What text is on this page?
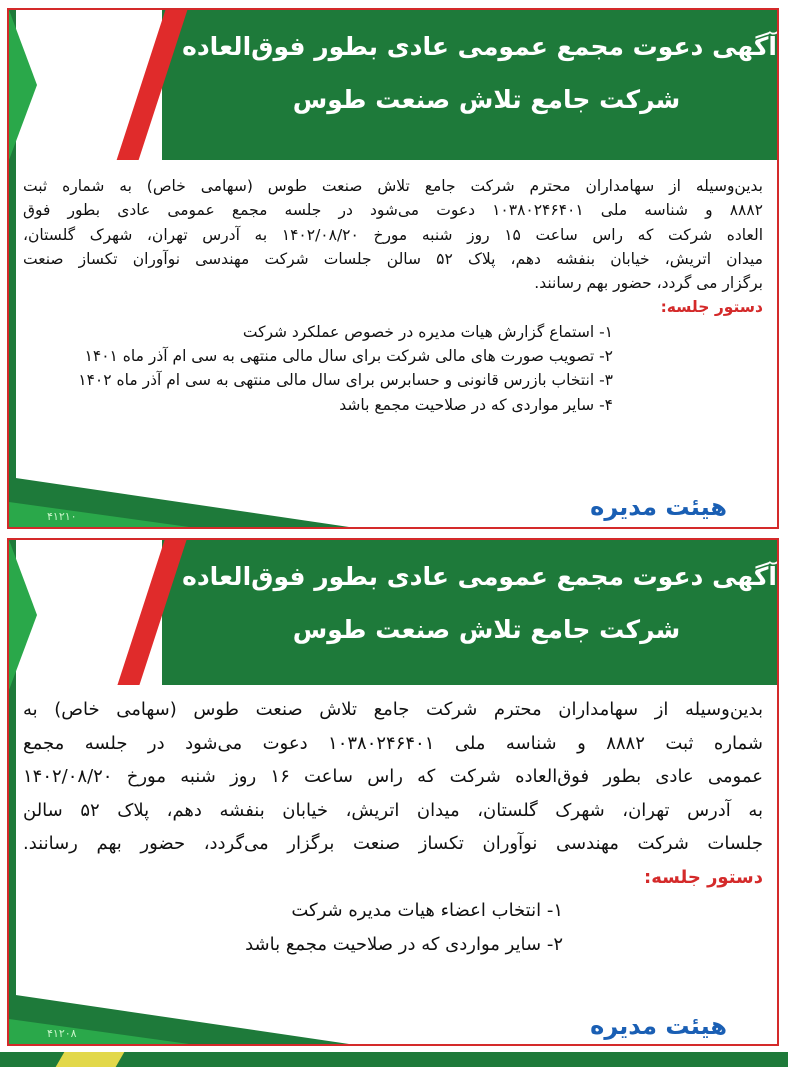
آگهی دعوت مجمع عمومی عادی بطور فوق‌العاده
شرکت جامع تلاش صنعت طوس
بدین‌وسیله از سهامداران محترم شرکت جامع تلاش صنعت طوس (سهامی خاص) به شماره ثبت
۸۸۸۲ و شناسه ملی ۱۰۳۸۰۲۴۶۴۰۱ دعوت می‌شود در جلسه مجمع عمومی عادی بطور فوق
العاده شرکت که راس ساعت ۱۵ روز شنبه مورخ ۱۴۰۲/۰۸/۲۰ به آدرس تهران، شهرک گلستان،
میدان اتریش، خیابان بنفشه دهم، پلاک ۵۲ سالن جلسات شرکت مهندسی نوآوران تکساز صنعت
برگزار می گردد، حضور بهم رسانند.
دستور جلسه:
۱- استماع گزارش هیات مدیره در خصوص عملکرد شرکت
۲- تصویب صورت های مالی شرکت برای سال مالی منتهی به سی ام آذر ماه ۱۴۰۱
۳- انتخاب بازرس قانونی و حسابرس برای سال مالی منتهی به سی ام آذر ماه ۱۴۰۲
۴- سایر مواردی که در صلاحیت مجمع باشد
۴۱۲۱۰	هیئت مدیره
آگهی دعوت مجمع عمومی عادی بطور فوق‌العاده
شرکت جامع تلاش صنعت طوس
بدین‌وسیله از سهامداران محترم شرکت جامع تلاش صنعت طوس (سهامی خاص) به
شماره ثبت ۸۸۸۲ و شناسه ملی ۱۰۳۸۰۲۴۶۴۰۱ دعوت می‌شود در جلسه مجمع
عمومی عادی بطور فوق‌العاده شرکت که راس ساعت ۱۶ روز شنبه مورخ ۱۴۰۲/۰۸/۲۰
به آدرس تهران، شهرک گلستان، میدان اتریش، خیابان بنفشه دهم، پلاک ۵۲ سالن
جلسات شرکت مهندسی نوآوران تکساز صنعت برگزار می‌گردد، حضور بهم رسانند.
دستور جلسه:
۱- انتخاب اعضاء هیات مدیره شرکت
۲- سایر مواردی که در صلاحیت مجمع باشد
۴۱۲۰۸	هیئت مدیره
